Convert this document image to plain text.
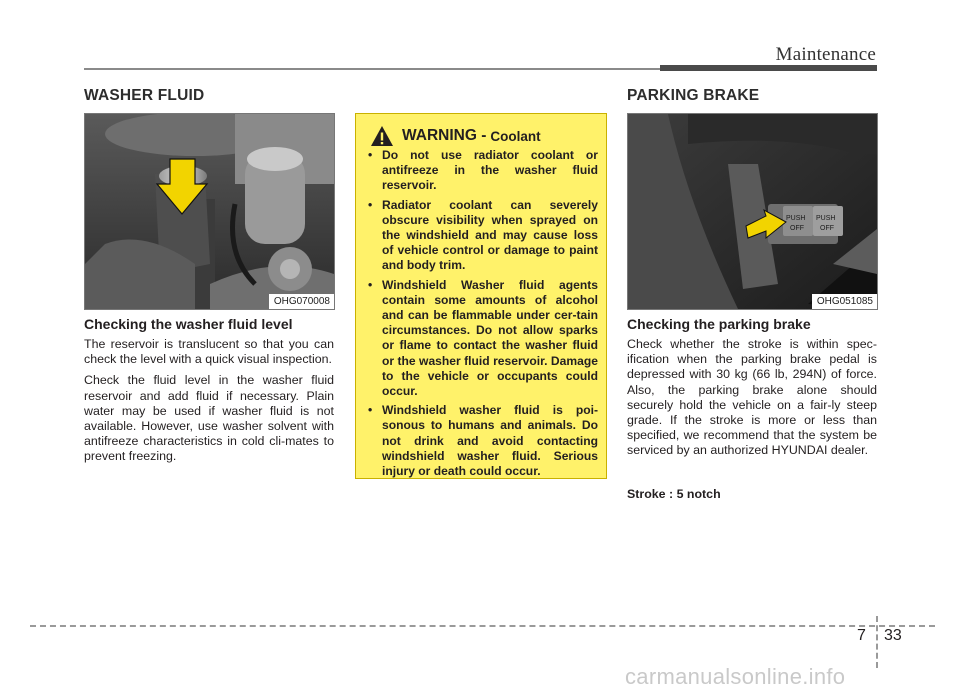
Maintenance
WASHER FLUID
OHG070008
Checking the washer fluid level

The reservoir is translucent so that you can check the level with a quick visual inspection.

Check the fluid level in the washer fluid reservoir and add fluid if necessary. Plain water may be used if washer fluid is not available. However, use washer solvent with antifreeze characteristics in cold cli-mates to prevent freezing.

WARNING - Coolant
• Do not use radiator coolant or antifreeze in the washer fluid reservoir.
• Radiator coolant can severely obscure visibility when sprayed on the windshield and may cause loss of vehicle control or damage to paint and body trim.
• Windshield Washer fluid agents contain some amounts of alcohol and can be flammable under cer-tain circumstances. Do not allow sparks or flame to contact the washer fluid or the washer fluid reservoir. Damage to the vehicle or occupants could occur.
• Windshield washer fluid is poi-sonous to humans and animals. Do not drink and avoid contacting windshield washer fluid. Serious injury or death could occur.
PARKING BRAKE
PUSH
OFF
PUSH
OFF
OHG051085
Checking the parking brake

Check whether the stroke is within spec-ification when the parking brake pedal is depressed with 30 kg (66 lb, 294N) of force. Also, the parking brake alone should securely hold the vehicle on a fair-ly steep grade. If the stroke is more or less than specified, we recommend that the system be serviced by an authorized HYUNDAI dealer.

Stroke : 5 notch
7 33
carmanualsonline.info
